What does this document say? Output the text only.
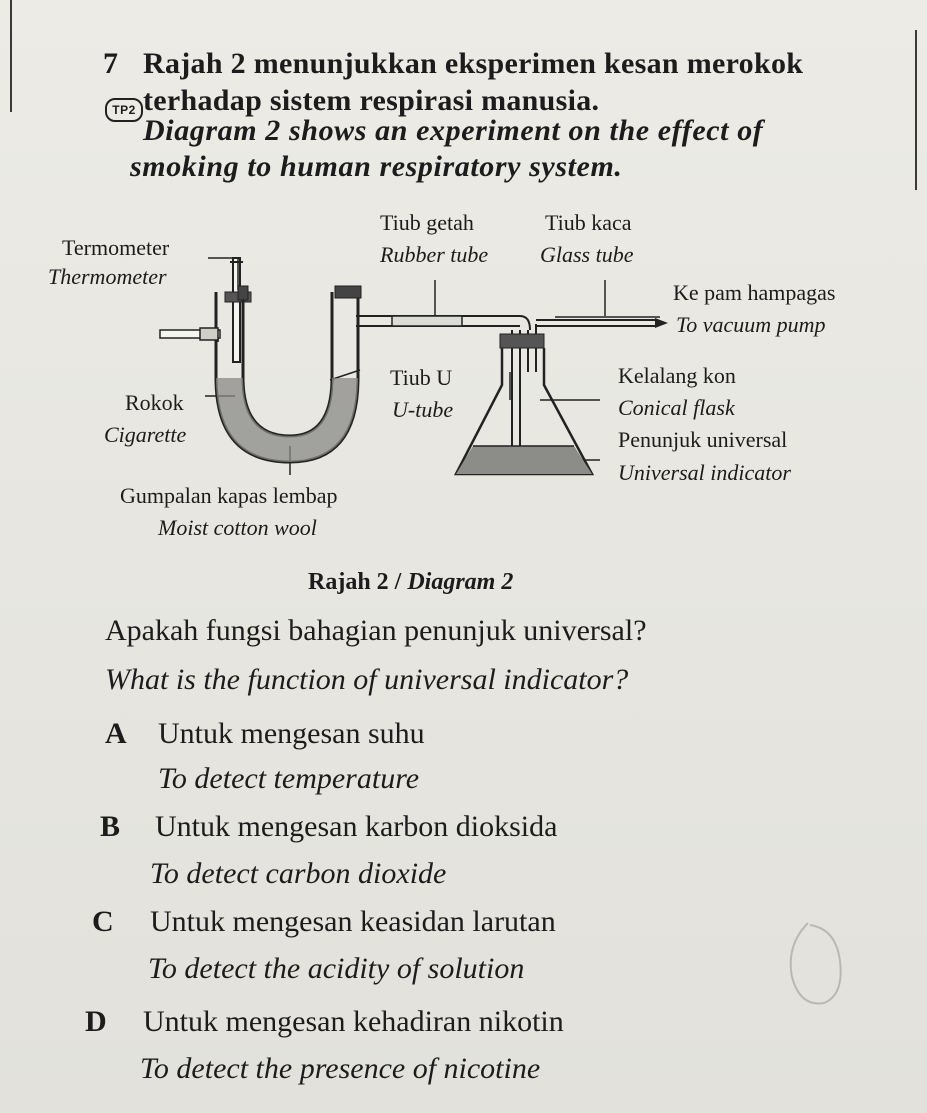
7 Rajah 2 menunjukkan eksperimen kesan merokok

TP2 terhadap sistem respirasi manusia.

Diagram 2 shows an experiment on the effect of

smoking to human respiratory system.

Termometer

Thermometer

Tiub getah

Rubber tube

Tiub kaca

Glass tube

Ke pam hampagas

To vacuum pump

Tiub U

U-tube

Rokok

Cigarette

Kelalang kon

Conical flask

Penunjuk universal

Universal indicator

Gumpalan kapas lembap

Moist cotton wool

Rajah 2 / Diagram 2

Apakah fungsi bahagian penunjuk universal?

What is the function of universal indicator?

A Untuk mengesan suhu

To detect temperature

B Untuk mengesan karbon dioksida

To detect carbon dioxide

C Untuk mengesan keasidan larutan

To detect the acidity of solution

D Untuk mengesan kehadiran nikotin

To detect the presence of nicotine
